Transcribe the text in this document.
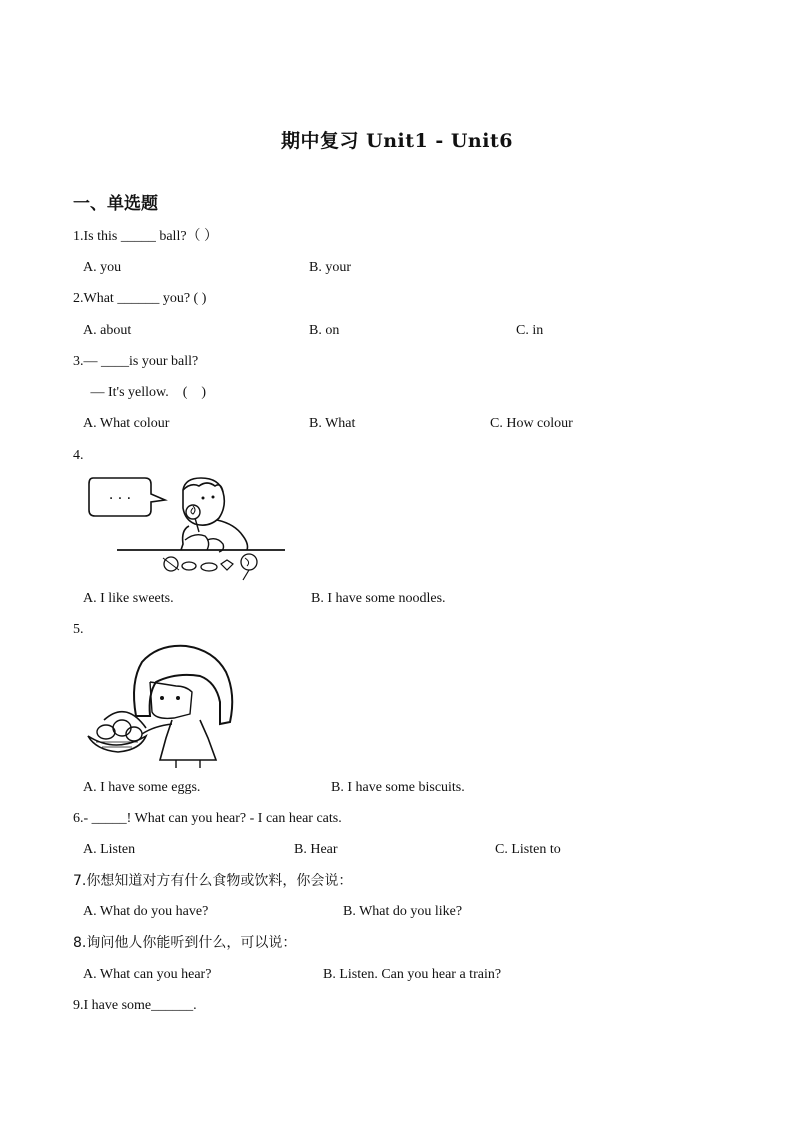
期中复习 Unit1 - Unit6
一、单选题
1.Is this _____ ball?（ ）
A. you	B. your
2.What ______ you? ( )
A. about	B. on	C. in
3.— ____is your ball?
— It's yellow.    (    )
A. What colour	B. What	C. How colour
4.
· · ·
A. I like sweets.	B. I have some noodles.
5.
A. I have some eggs.	B. I have some biscuits.
6.- _____! What can you hear? - I can hear cats.
A. Listen	B. Hear	C. Listen to
7.你想知道对方有什么食物或饮料，你会说：
A. What do you have?	B. What do you like?
8.询问他人你能听到什么，可以说：
A. What can you hear?	B. Listen. Can you hear a train?
9.I have some______.
